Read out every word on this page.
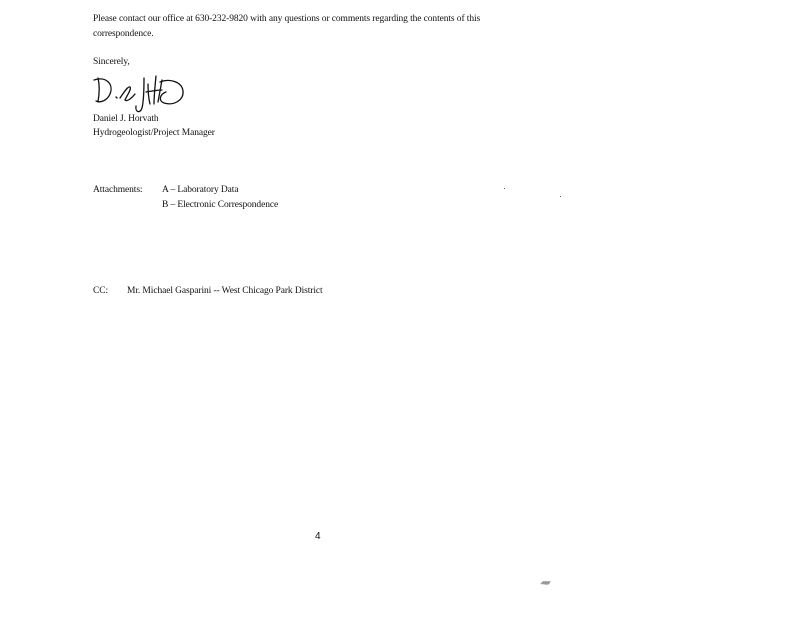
Please contact our office at 630-232-9820 with any questions or comments regarding the contents of this
correspondence.
Sincerely,
Daniel J. Horvath
Hydrogeologist/Project Manager
Attachments: A – Laboratory Data
B – Electronic Correspondence
CC: Mr. Michael Gasparini -- West Chicago Park District
4
